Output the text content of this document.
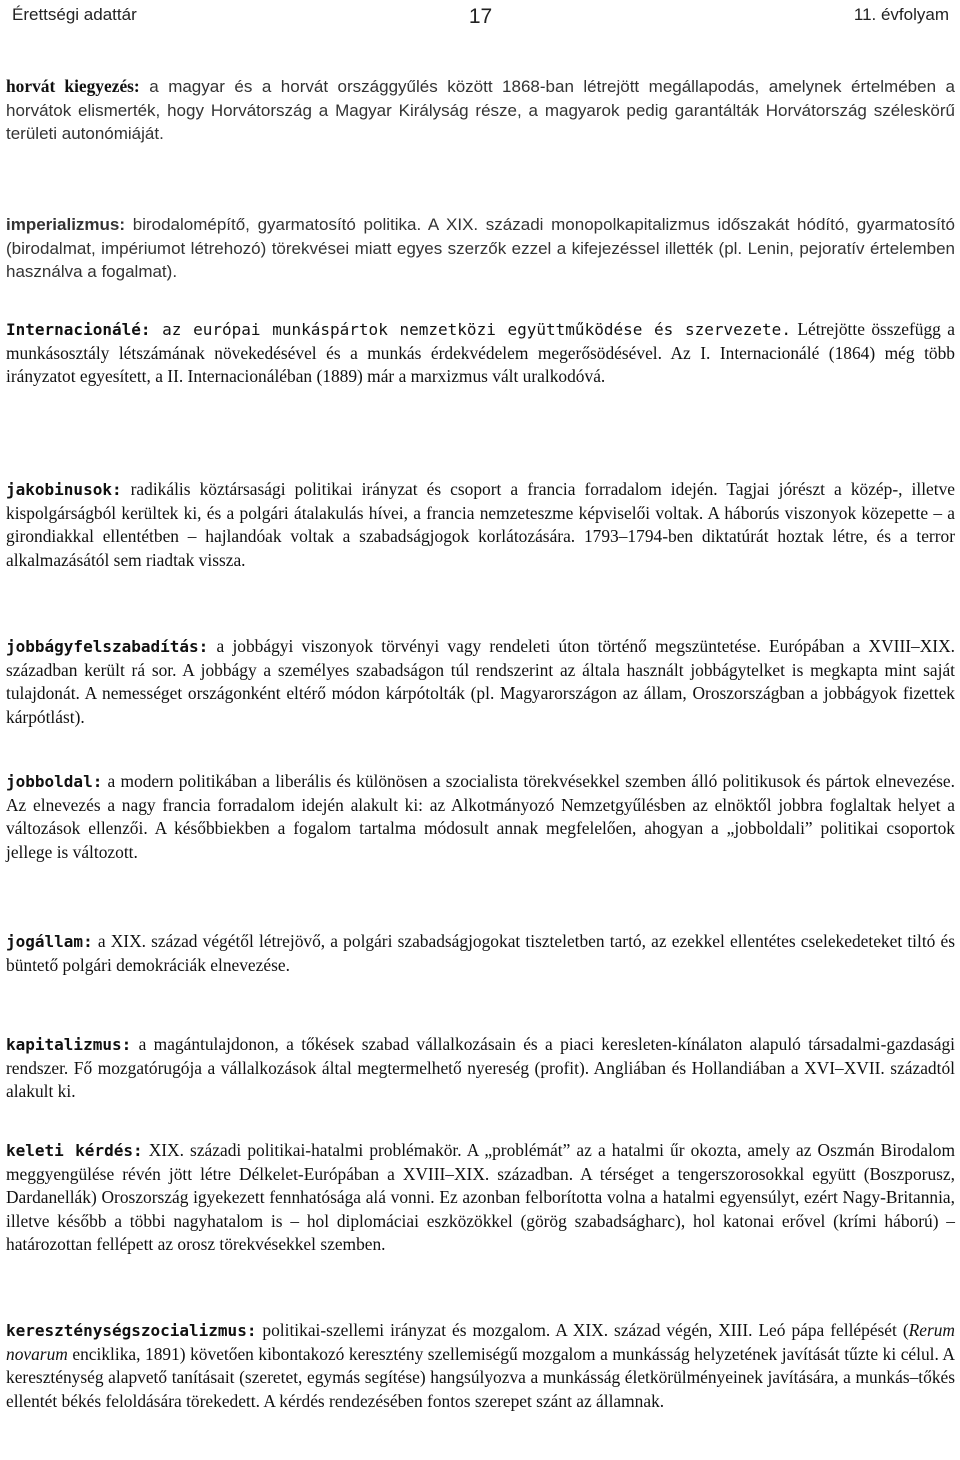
Érettségi adattár	17	11. évfolyam

horvát kiegyezés: a magyar és a horvát országgyűlés között 1868-ban létrejött megállapodás, amelynek értelmében a horvátok elismerték, hogy Horvátország a Magyar Királyság része, a magyarok pedig garantálták Horvátország széleskörű területi autonómiáját.

imperializmus: birodalomépítő, gyarmatosító politika. A XIX. századi monopolkapitalizmus időszakát hódító, gyarmatosító (birodalmat, impériumot létrehozó) törekvései miatt egyes szerzők ezzel a kifejezéssel illették (pl. Lenin, pejoratív értelemben használva a fogalmat).

Internacionálé: az európai munkáspártok nemzetközi együttműködése és szervezete. Létrejötte összefügg a munkásosztály létszámának növekedésével és a munkás érdekvédelem megerősödésével. Az I. Internacionálé (1864) még több irányzatot egyesített, a II. Internacionáléban (1889) már a marxizmus vált uralkodóvá.

jakobinusok: radikális köztársasági politikai irányzat és csoport a francia forradalom idején. Tagjai jórészt a közép-, illetve kispolgárságból kerültek ki, és a polgári átalakulás hívei, a francia nemzeteszme képviselői voltak. A háborús viszonyok közepette – a girondiakkal ellentétben – hajlandóak voltak a szabadságjogok korlátozására. 1793–1794-ben diktatúrát hoztak létre, és a terror alkalmazásától sem riadtak vissza.

jobbágyfelszabadítás: a jobbágyi viszonyok törvényi vagy rendeleti úton történő megszüntetése. Európában a XVIII–XIX. században került rá sor. A jobbágy a személyes szabadságon túl rendszerint az általa használt jobbágytelket is megkapta mint saját tulajdonát. A nemességet országonként eltérő módon kárpótolták (pl. Magyarországon az állam, Oroszországban a jobbágyok fizettek kárpótlást).

jobboldal: a modern politikában a liberális és különösen a szocialista törekvésekkel szemben álló politikusok és pártok elnevezése. Az elnevezés a nagy francia forradalom idején alakult ki: az Alkotmányozó Nemzetgyűlésben az elnöktől jobbra foglaltak helyet a változások ellenzői. A későbbiekben a fogalom tartalma módosult annak megfelelően, ahogyan a „jobboldali” politikai csoportok jellege is változott.

jogállam: a XIX. század végétől létrejövő, a polgári szabadságjogokat tiszteletben tartó, az ezekkel ellentétes cselekedeteket tiltó és büntető polgári demokráciák elnevezése.

kapitalizmus: a magántulajdonon, a tőkések szabad vállalkozásain és a piaci keresleten-kínálaton alapuló társadalmi-gazdasági rendszer. Fő mozgatórugója a vállalkozások által megtermelhető nyereség (profit). Angliában és Hollandiában a XVI–XVII. századtól alakult ki.

keleti kérdés: XIX. századi politikai-hatalmi problémakör. A „problémát” az a hatalmi űr okozta, amely az Oszmán Birodalom meggyengülése révén jött létre Délkelet-Európában a XVIII–XIX. században. A térséget a tengerszorosokkal együtt (Boszporusz, Dardanellák) Oroszország igyekezett fennhatósága alá vonni. Ez azonban felborította volna a hatalmi egyensúlyt, ezért Nagy-Britannia, illetve később a többi nagyhatalom is – hol diplomáciai eszközökkel (görög szabadságharc), hol katonai erővel (krími háború) – határozottan fellépett az orosz törekvésekkel szemben.

kereszténységszocializmus: politikai-szellemi irányzat és mozgalom. A XIX. század végén, XIII. Leó pápa fellépését (Rerum novarum enciklika, 1891) követően kibontakozó keresztény szellemiségű mozgalom a munkásság helyzetének javítását tűzte ki célul. A kereszténység alapvető tanításait (szeretet, egymás segítése) hangsúlyozva a munkásság életkörülményeinek javítására, a munkás–tőkés ellentét békés feloldására törekedett. A kérdés rendezésében fontos szerepet szánt az államnak.
